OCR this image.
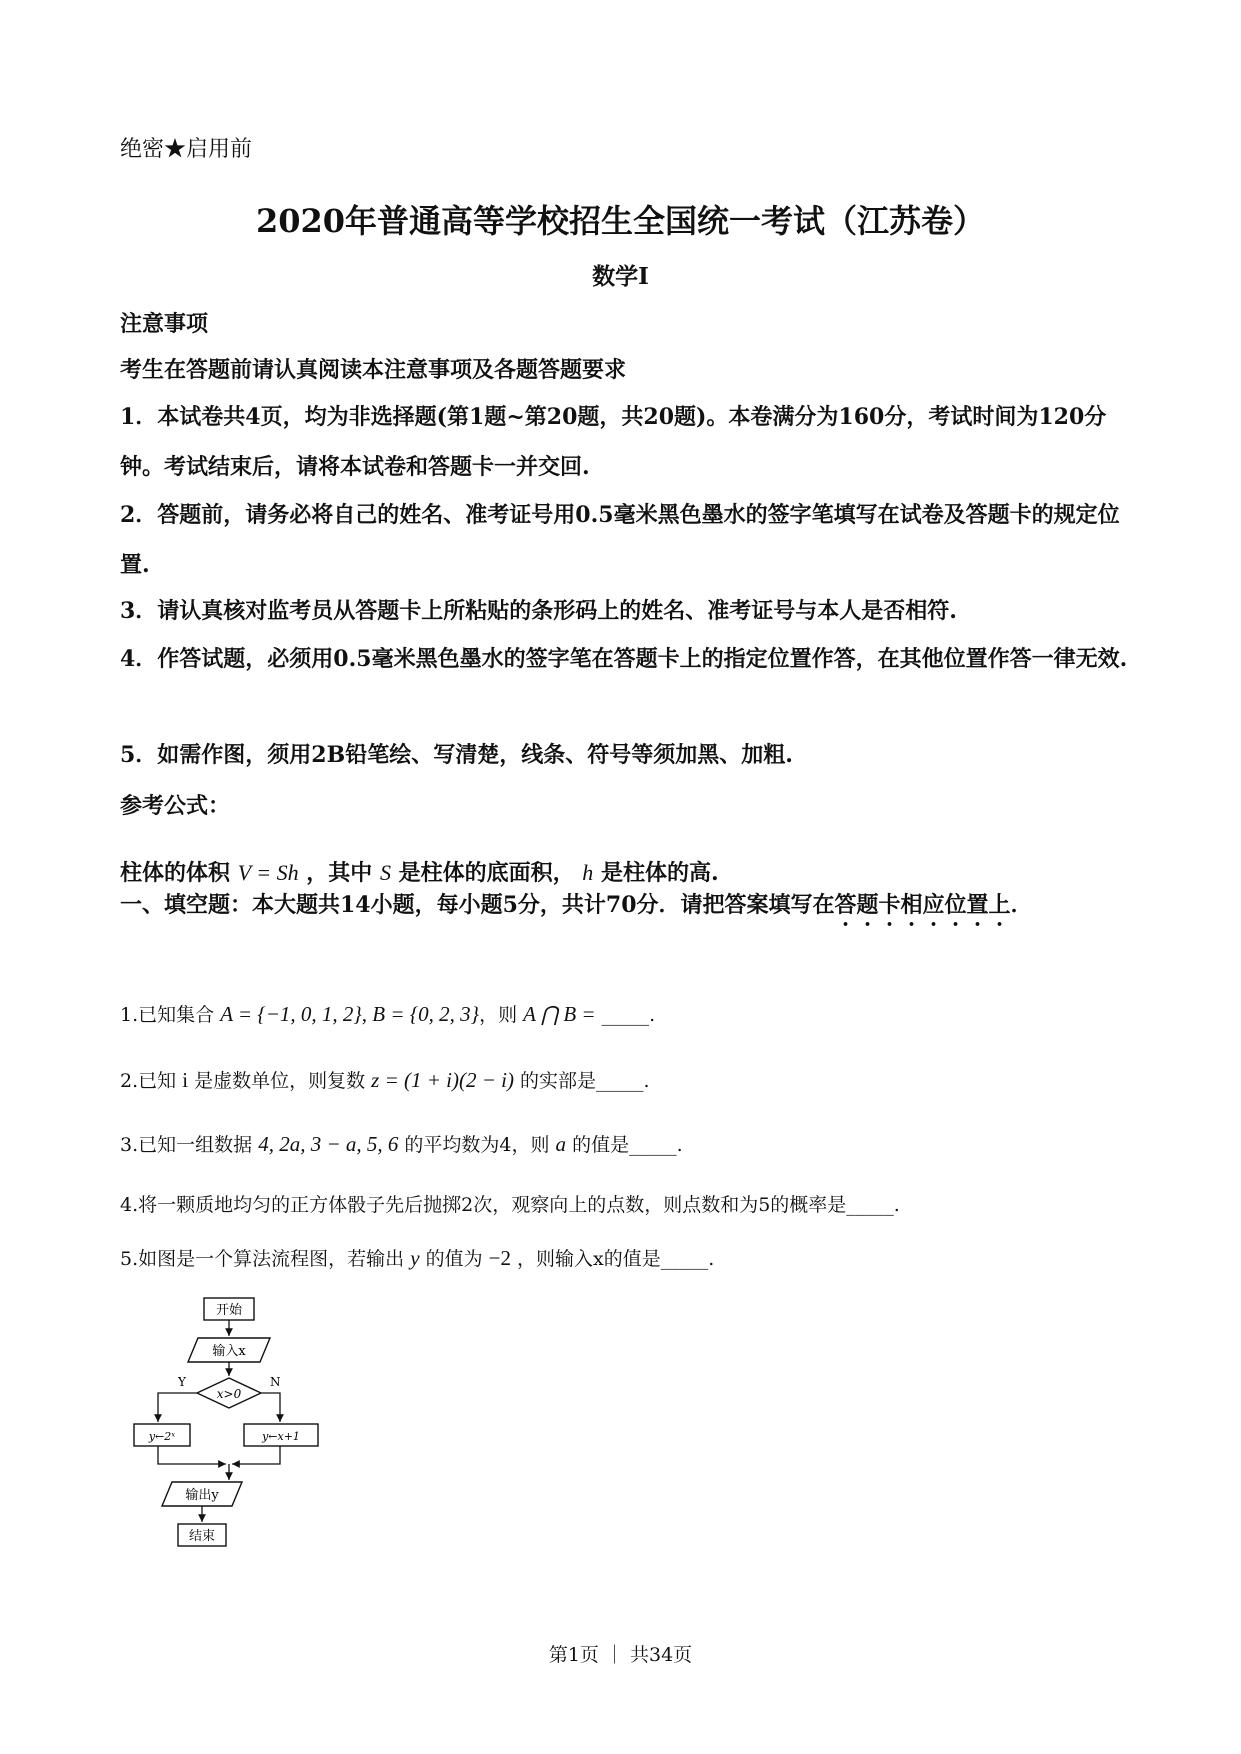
绝密★启用前
2020年普通高等学校招生全国统一考试（江苏卷）
数学Ⅰ
注意事项
考生在答题前请认真阅读本注意事项及各题答题要求
1．本试卷共4页，均为非选择题(第1题~第20题，共20题)。本卷满分为160分，考试时间为120分钟。考试结束后，请将本试卷和答题卡一并交回.
2．答题前，请务必将自己的姓名、准考证号用0.5毫米黑色墨水的签字笔填写在试卷及答题卡的规定位置.
3．请认真核对监考员从答题卡上所粘贴的条形码上的姓名、准考证号与本人是否相符.
4．作答试题，必须用0.5毫米黑色墨水的签字笔在答题卡上的指定位置作答，在其他位置作答一律无效.
5．如需作图，须用2B铅笔绘、写清楚，线条、符号等须加黑、加粗.
参考公式：
柱体的体积 V = Sh ，其中 S 是柱体的底面积， h 是柱体的高.
一、填空题：本大题共14小题，每小题5分，共计70分．请把答案填写在答题卡相应位置上．
1.已知集合 A = {−1, 0, 1, 2}, B = {0, 2, 3}，则 A ⋂ B = _____.
2.已知 i 是虚数单位，则复数 z = (1 + i)(2 − i) 的实部是_____.
3.已知一组数据 4, 2a, 3 − a, 5, 6 的平均数为4，则 a 的值是_____.
4.将一颗质地均匀的正方体骰子先后抛掷2次，观察向上的点数，则点数和为5的概率是_____.
5.如图是一个算法流程图，若输出 y 的值为 −2 ，则输入x的值是_____.
开始
输入x
x>0
Y	N
y←2ˣ	y←x+1
输出y
结束
第1页 ｜ 共34页
